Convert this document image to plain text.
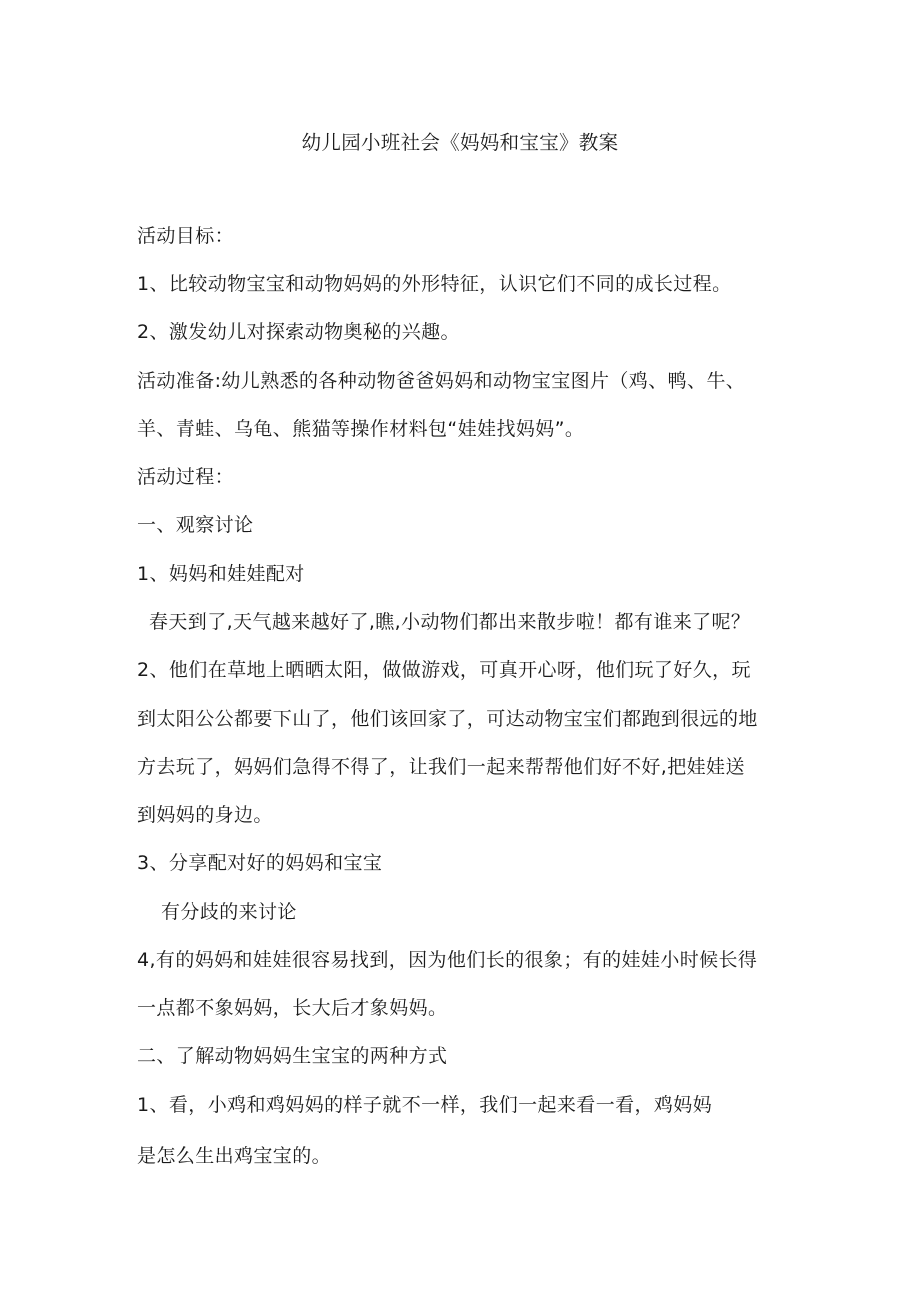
幼儿园小班社会《妈妈和宝宝》教案

活动目标：

1、比较动物宝宝和动物妈妈的外形特征，认识它们不同的成长过程。

2、激发幼儿对探索动物奥秘的兴趣。

活动准备:幼儿熟悉的各种动物爸爸妈妈和动物宝宝图片（鸡、鸭、牛、

羊、青蛙、乌龟、熊猫等操作材料包“娃娃找妈妈”。

活动过程：

一、观察讨论

1、妈妈和娃娃配对

春天到了,天气越来越好了,瞧,小动物们都出来散步啦！都有谁来了呢？

2、他们在草地上晒晒太阳，做做游戏，可真开心呀，他们玩了好久，玩

到太阳公公都要下山了，他们该回家了，可达动物宝宝们都跑到很远的地

方去玩了，妈妈们急得不得了，让我们一起来帮帮他们好不好,把娃娃送

到妈妈的身边。

3、分享配对好的妈妈和宝宝

有分歧的来讨论

4,有的妈妈和娃娃很容易找到，因为他们长的很象；有的娃娃小时候长得

一点都不象妈妈，长大后才象妈妈。

二、了解动物妈妈生宝宝的两种方式

1、看，小鸡和鸡妈妈的样子就不一样，我们一起来看一看，鸡妈妈

是怎么生出鸡宝宝的。
